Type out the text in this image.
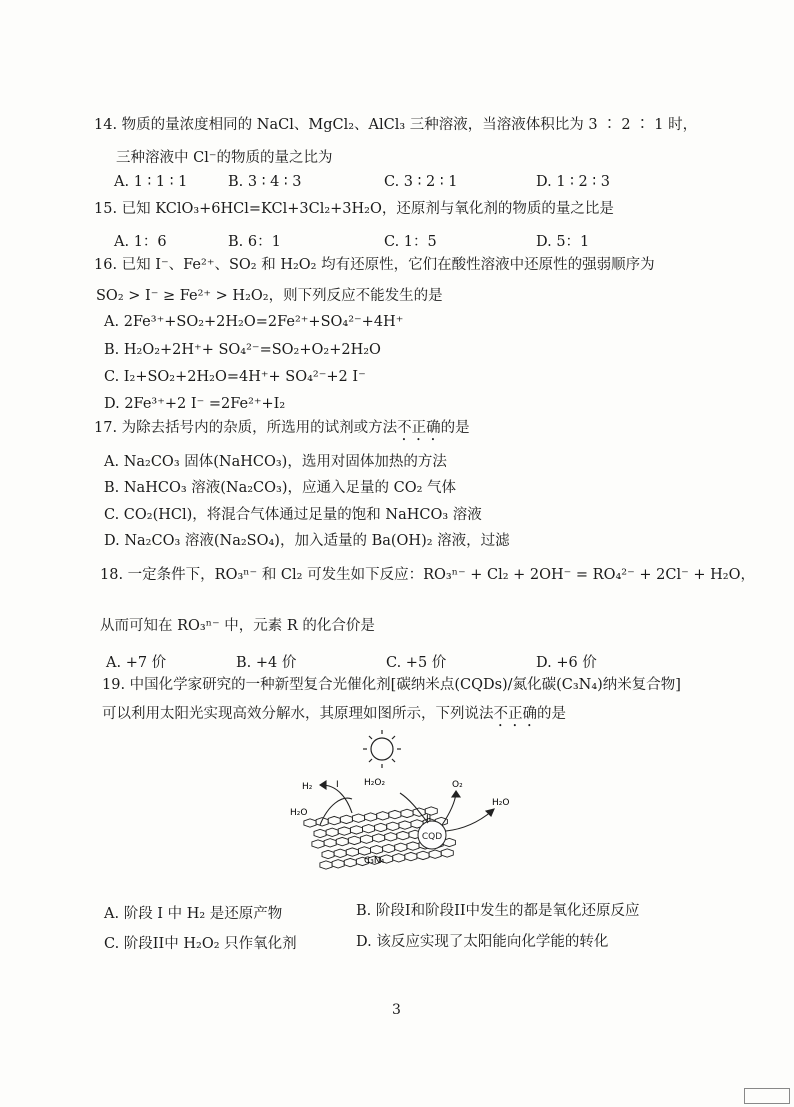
14. 物质的量浓度相同的 NaCl、MgCl₂、AlCl₃ 三种溶液，当溶液体积比为 3 ∶ 2 ∶ 1 时，
三种溶液中 Cl⁻的物质的量之比为
A. 1 ∶ 1 ∶ 1	B. 3 ∶ 4 ∶ 3	C. 3 ∶ 2 ∶ 1	D. 1 ∶ 2 ∶ 3
15. 已知 KClO₃+6HCl=KCl+3Cl₂+3H₂O，还原剂与氧化剂的物质的量之比是
A. 1：6	B. 6：1	C. 1：5	D. 5：1
16. 已知 I⁻、Fe²⁺、SO₂ 和 H₂O₂ 均有还原性，它们在酸性溶液中还原性的强弱顺序为
SO₂ > I⁻ ≥ Fe²⁺ > H₂O₂，则下列反应不能发生的是
A. 2Fe³⁺+SO₂+2H₂O=2Fe²⁺+SO₄²⁻+4H⁺
B. H₂O₂+2H⁺+ SO₄²⁻=SO₂+O₂+2H₂O
C. I₂+SO₂+2H₂O=4H⁺+ SO₄²⁻+2 I⁻
D. 2Fe³⁺+2 I⁻ =2Fe²⁺+I₂
17. 为除去括号内的杂质，所选用的试剂或方法不正确的是
A. Na₂CO₃ 固体(NaHCO₃)，选用对固体加热的方法
B. NaHCO₃ 溶液(Na₂CO₃)，应通入足量的 CO₂ 气体
C. CO₂(HCl)，将混合气体通过足量的饱和 NaHCO₃ 溶液
D. Na₂CO₃ 溶液(Na₂SO₄)，加入适量的 Ba(OH)₂ 溶液，过滤
18. 一定条件下，RO₃ⁿ⁻ 和 Cl₂ 可发生如下反应：RO₃ⁿ⁻ + Cl₂ + 2OH⁻ = RO₄²⁻ + 2Cl⁻ + H₂O，
从而可知在 RO₃ⁿ⁻ 中，元素 R 的化合价是
A. +7 价	B. +4 价	C. +5 价	D. +6 价
19. 中国化学家研究的一种新型复合光催化剂[碳纳米点(CQDs)/氮化碳(C₃N₄)纳米复合物]
可以利用太阳光实现高效分解水，其原理如图所示，下列说法不正确的是
CQD
H₂	I	H₂O₂
II
O₂
H₂O
H₂O
C₃N₄
A. 阶段 I 中 H₂ 是还原产物	B. 阶段I和阶段II中发生的都是氧化还原反应
C. 阶段II中 H₂O₂ 只作氧化剂	D. 该反应实现了太阳能向化学能的转化
3
